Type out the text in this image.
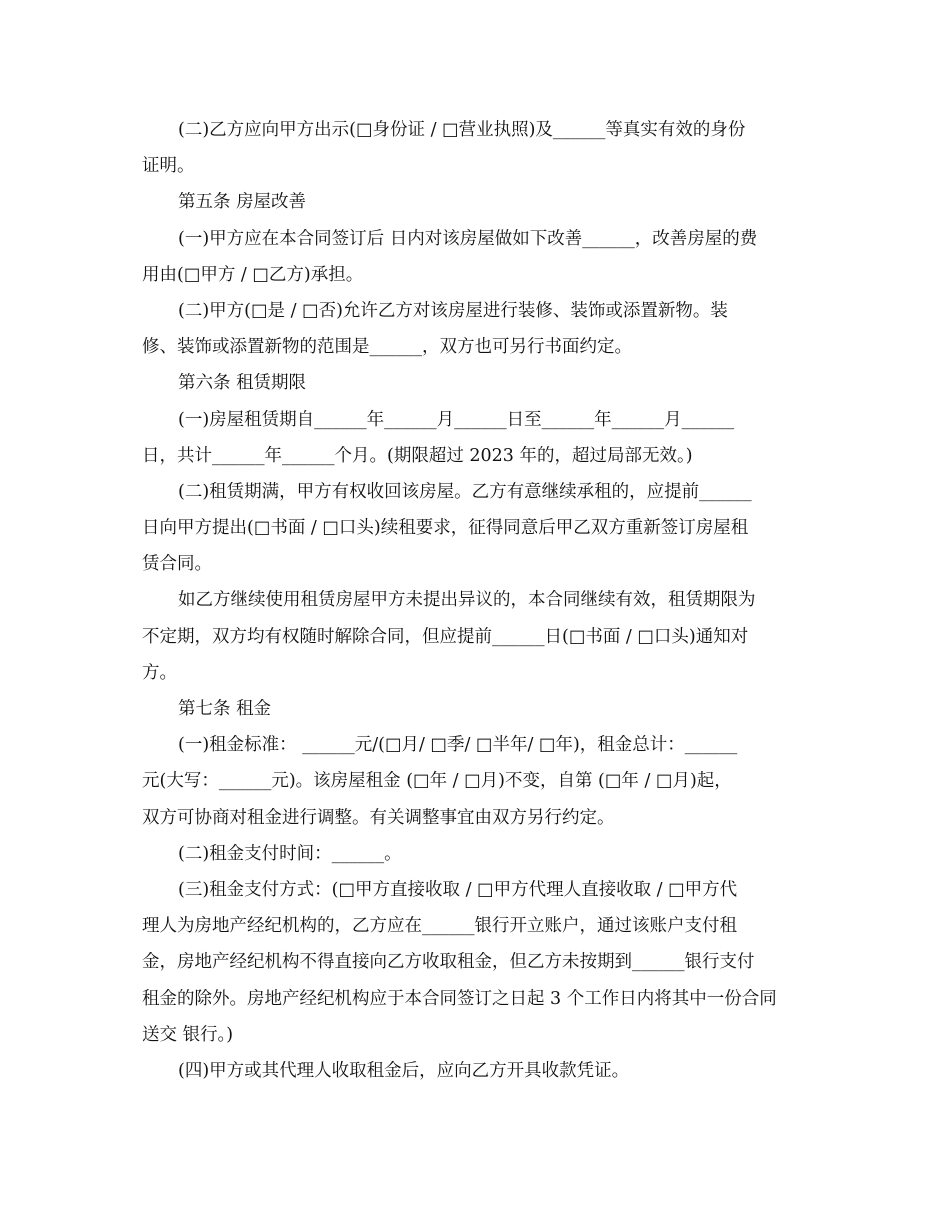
(二)乙方应向甲方出示(□身份证 / □营业执照)及______等真实有效的身份
证明。
第五条 房屋改善
(一)甲方应在本合同签订后 日内对该房屋做如下改善______，改善房屋的费
用由(□甲方 / □乙方)承担。
(二)甲方(□是 / □否)允许乙方对该房屋进行装修、装饰或添置新物。装
修、装饰或添置新物的范围是______，双方也可另行书面约定。
第六条 租赁期限
(一)房屋租赁期自______年______月______日至______年______月______
日，共计______年______个月。(期限超过 2023 年的，超过局部无效。)
(二)租赁期满，甲方有权收回该房屋。乙方有意继续承租的，应提前______
日向甲方提出(□书面 / □口头)续租要求，征得同意后甲乙双方重新签订房屋租
赁合同。
如乙方继续使用租赁房屋甲方未提出异议的，本合同继续有效，租赁期限为
不定期，双方均有权随时解除合同，但应提前______日(□书面 / □口头)通知对
方。
第七条 租金
(一)租金标准： ______元/(□月/ □季/ □半年/ □年)，租金总计：______
元(大写：______元)。该房屋租金 (□年 / □月)不变，自第 (□年 / □月)起，
双方可协商对租金进行调整。有关调整事宜由双方另行约定。
(二)租金支付时间：______。
(三)租金支付方式：(□甲方直接收取 / □甲方代理人直接收取 / □甲方代
理人为房地产经纪机构的，乙方应在______银行开立账户，通过该账户支付租
金，房地产经纪机构不得直接向乙方收取租金，但乙方未按期到______银行支付
租金的除外。房地产经纪机构应于本合同签订之日起 3 个工作日内将其中一份合同
送交 银行。)
(四)甲方或其代理人收取租金后，应向乙方开具收款凭证。
